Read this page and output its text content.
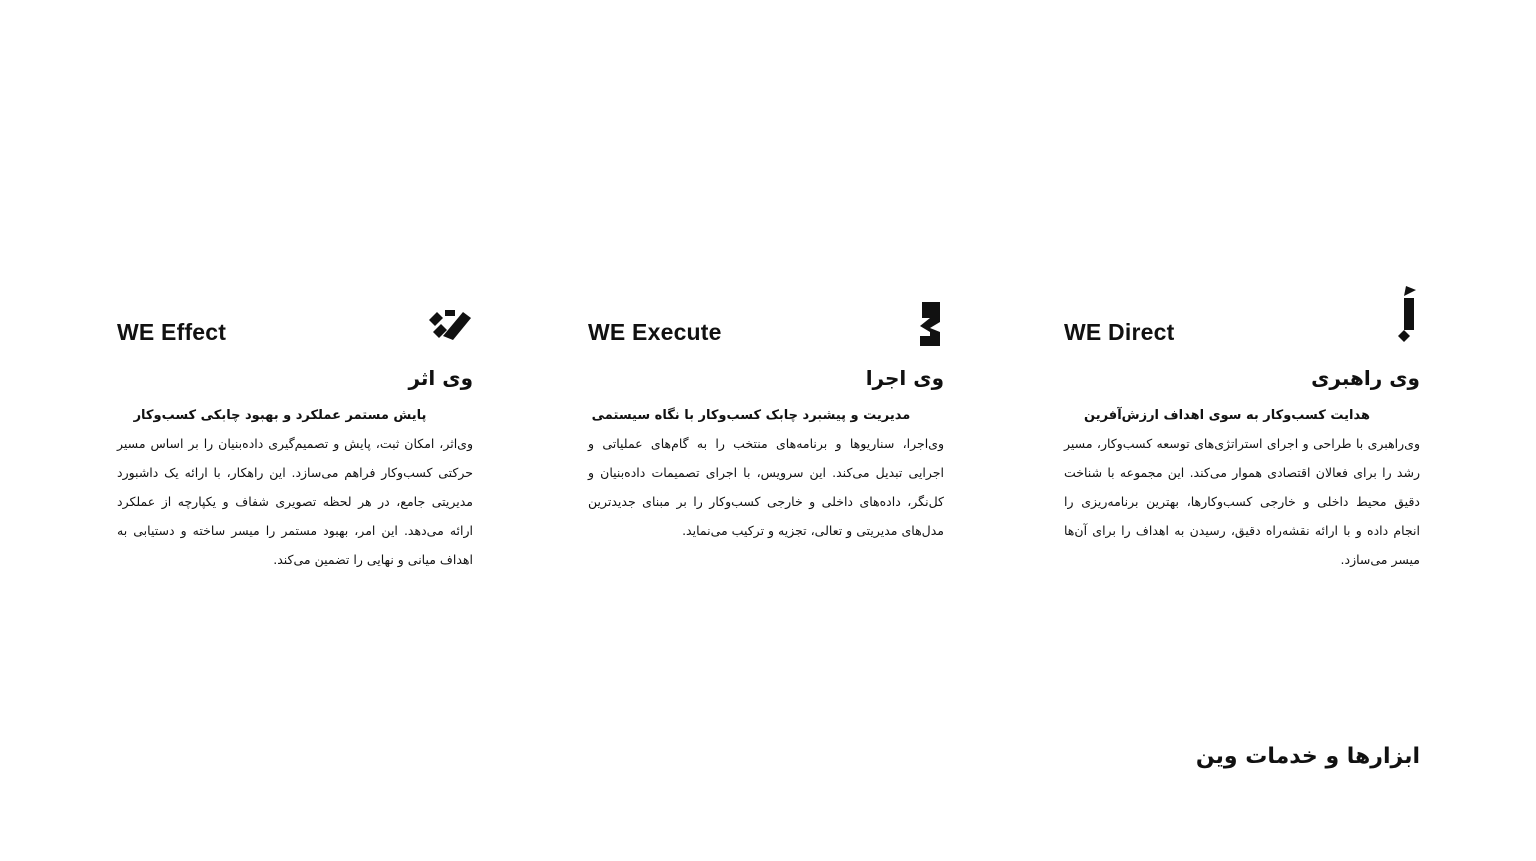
WE Effect
وی اثر
پایش مستمر عملکرد و بهبود چابکی کسب‌وکار

وی‌اثر، امکان ثبت، پایش و تصمیم‌گیری داده‌بنیان را بر اساس مسیر حرکتی کسب‌وکار فراهم می‌سازد. این راهکار، با ارائه یک داشبورد مدیریتی جامع، در هر لحظه تصویری شفاف و یکپارچه از عملکرد ارائه می‌دهد. این امر، بهبود مستمر را میسر ساخته و دستیابی به اهداف میانی و نهایی را تضمین می‌کند.

WE Execute
وی اجرا
مدیریت و پیشبرد چابک کسب‌وکار با نگاه سیستمی

وی‌اجرا، سناریوها و برنامه‌های منتخب را به گام‌های عملیاتی و اجرایی تبدیل می‌کند. این سرویس، با اجرای تصمیمات داده‌بنیان و کل‌نگر، داده‌های داخلی و خارجی کسب‌وکار را بر مبنای جدیدترین مدل‌های مدیریتی و تعالی، تجزیه و ترکیب می‌نماید.

WE Direct
وی راهبری
هدایت کسب‌وکار به سوی اهداف ارزش‌آفرین

وی‌راهبری با طراحی و اجرای استراتژی‌های توسعه کسب‌وکار، مسیر رشد را برای فعالان اقتصادی هموار می‌کند. این مجموعه با شناخت دقیق محیط داخلی و خارجی کسب‌وکارها، بهترین برنامه‌ریزی را انجام داده و با ارائه نقشه‌راه دقیق، رسیدن به اهداف را برای آن‌ها میسر می‌سازد.

ابزارها و خدمات وین
